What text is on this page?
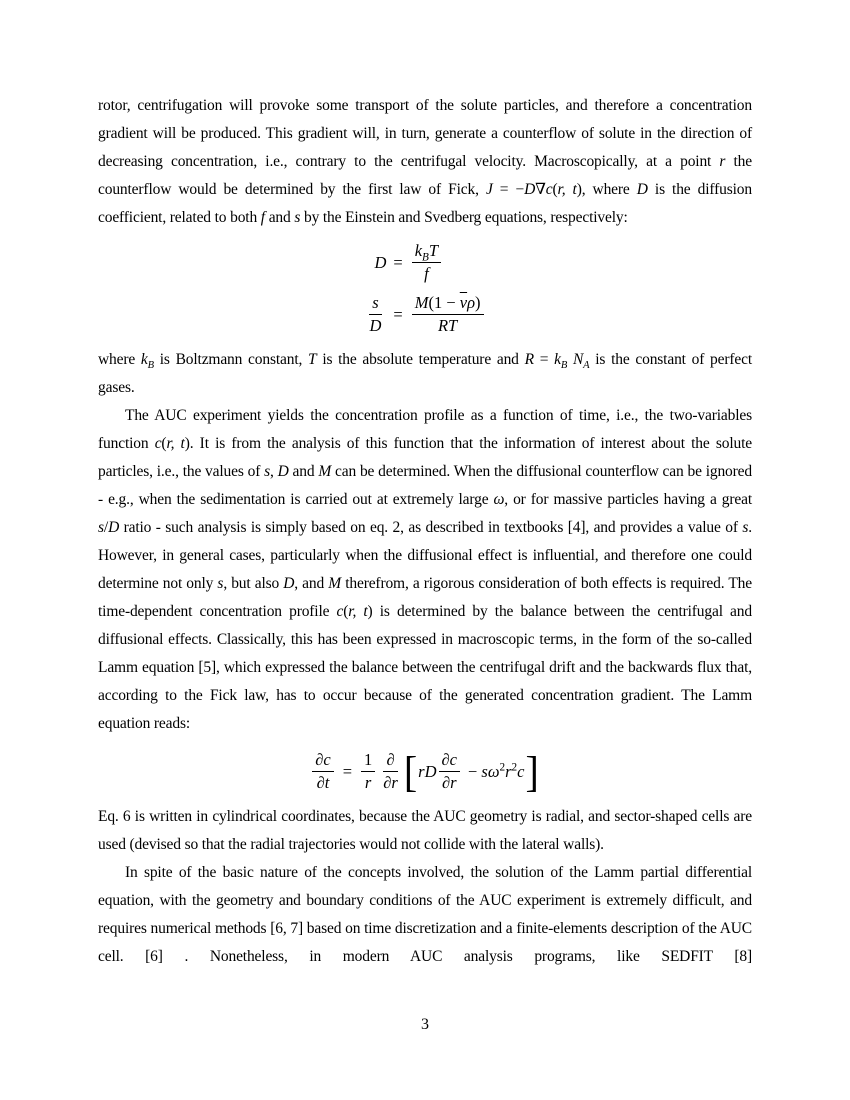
rotor, centrifugation will provoke some transport of the solute particles, and therefore a concentration gradient will be produced. This gradient will, in turn, generate a counterflow of solute in the direction of decreasing concentration, i.e., contrary to the centrifugal velocity. Macroscopically, at a point r the counterflow would be determined by the first law of Fick, J = −D∇c(r, t), where D is the diffusion coefficient, related to both f and s by the Einstein and Svedberg equations, respectively:

$D = \frac{k_BT}{f}$
$\frac{s}{D} = \frac{M(1 - \overline{v}\rho)}{RT}$

where $k_B$ is Boltzmann constant, T is the absolute temperature and $R = k_B$ $N_A$ is the constant of perfect gases.

The AUC experiment yields the concentration profile as a function of time, i.e., the two-variables function c(r, t). It is from the analysis of this function that the information of interest about the solute particles, i.e., the values of s, D and M can be determined. When the diffusional counterflow can be ignored - e.g., when the sedimentation is carried out at extremely large ω, or for massive particles having a great s/D ratio - such analysis is simply based on eq. 2, as described in textbooks [4], and provides a value of s. However, in general cases, particularly when the diffusional effect is influential, and therefore one could determine not only s, but also D, and M therefrom, a rigorous consideration of both effects is required. The time-dependent concentration profile c(r, t) is determined by the balance between the centrifugal and diffusional effects. Classically, this has been expressed in macroscopic terms, in the form of the so-called Lamm equation [5], which expressed the balance between the centrifugal drift and the backwards flux that, according to the Fick law, has to occur because of the generated concentration gradient. The Lamm equation reads:

$\frac{\partial c}{\partial t} = \frac{1}{r} \frac{\partial}{\partial r}$ [ rD $\frac{\partial c}{\partial r} - s\omega^2r^2c$ ]

Eq. 6 is written in cylindrical coordinates, because the AUC geometry is radial, and sector-shaped cells are used (devised so that the radial trajectories would not collide with the lateral walls).

In spite of the basic nature of the concepts involved, the solution of the Lamm partial differential equation, with the geometry and boundary conditions of the AUC experiment is extremely difficult, and requires numerical methods [6, 7] based on time discretization and a finite-elements description of the AUC cell. [6] . Nonetheless, in modern AUC analysis programs, like SEDFIT [8]

3
